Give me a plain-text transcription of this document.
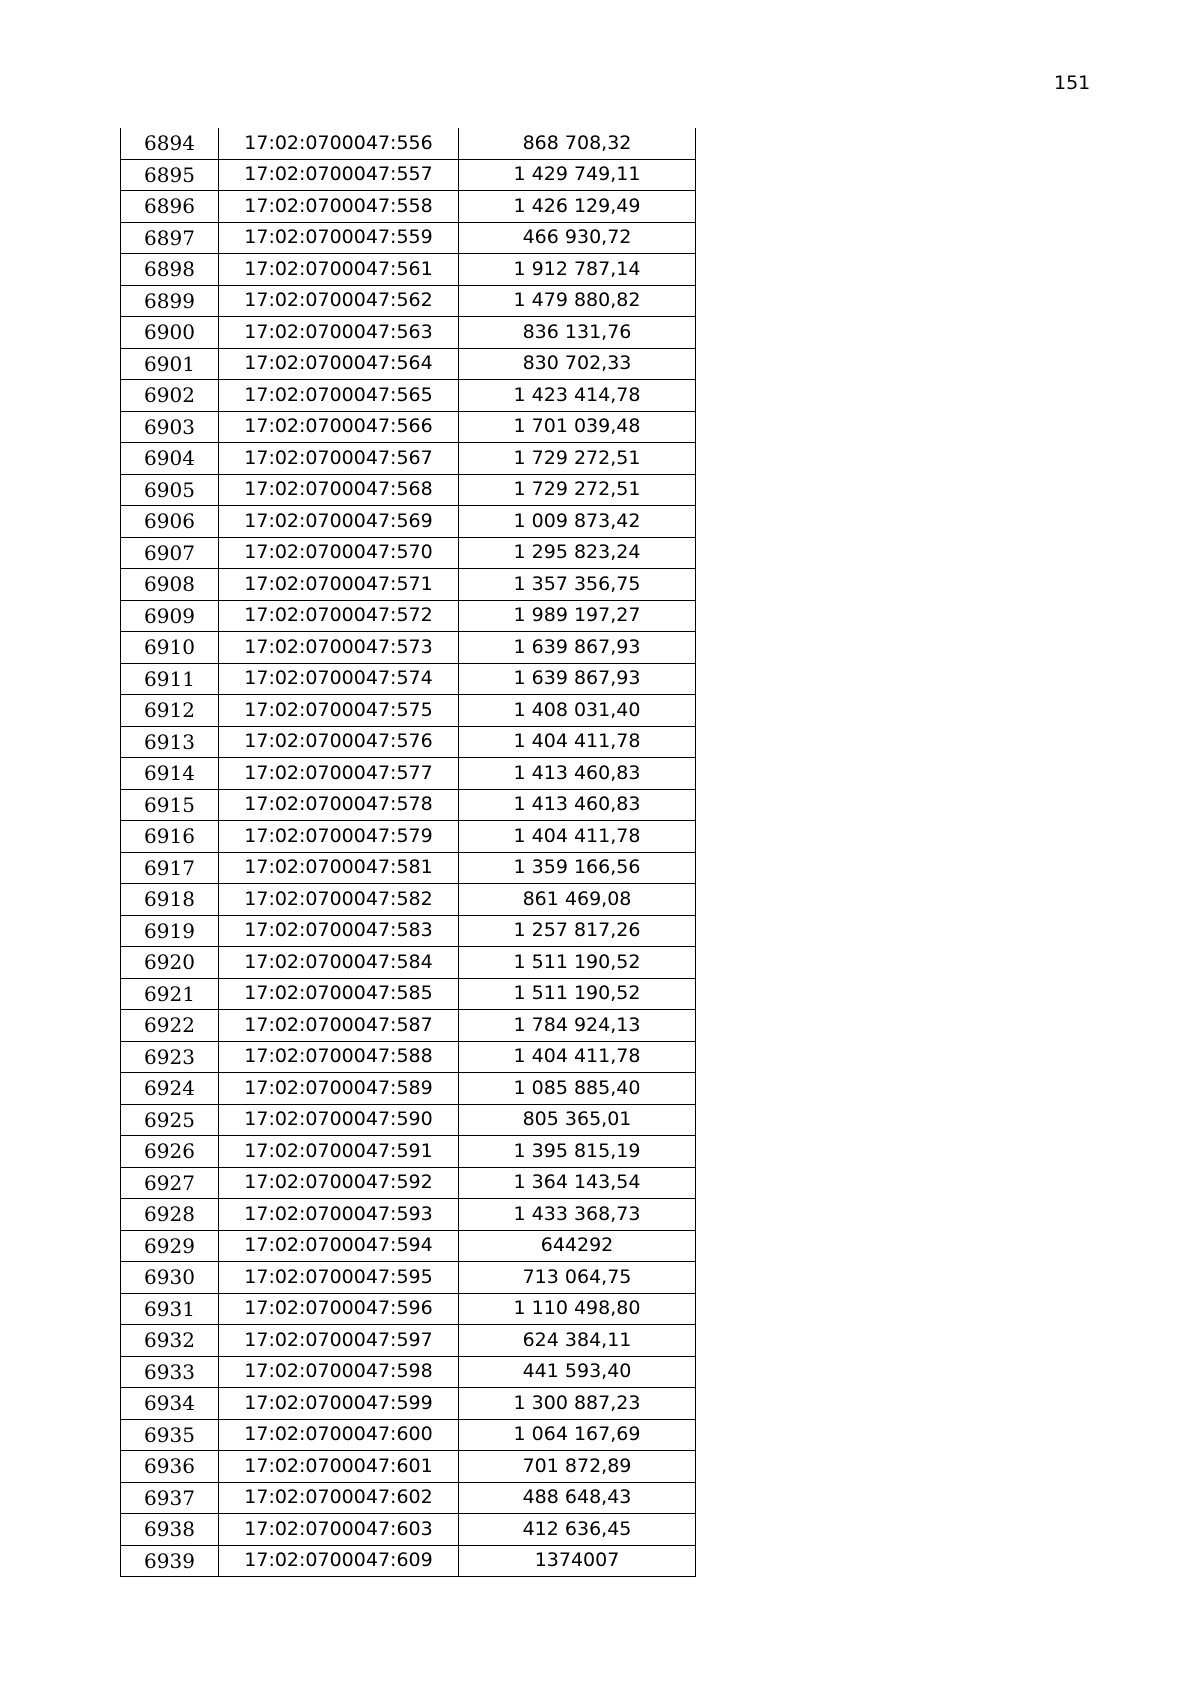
151
6894	17:02:0700047:556	868 708,32
6895	17:02:0700047:557	1 429 749,11
6896	17:02:0700047:558	1 426 129,49
6897	17:02:0700047:559	466 930,72
6898	17:02:0700047:561	1 912 787,14
6899	17:02:0700047:562	1 479 880,82
6900	17:02:0700047:563	836 131,76
6901	17:02:0700047:564	830 702,33
6902	17:02:0700047:565	1 423 414,78
6903	17:02:0700047:566	1 701 039,48
6904	17:02:0700047:567	1 729 272,51
6905	17:02:0700047:568	1 729 272,51
6906	17:02:0700047:569	1 009 873,42
6907	17:02:0700047:570	1 295 823,24
6908	17:02:0700047:571	1 357 356,75
6909	17:02:0700047:572	1 989 197,27
6910	17:02:0700047:573	1 639 867,93
6911	17:02:0700047:574	1 639 867,93
6912	17:02:0700047:575	1 408 031,40
6913	17:02:0700047:576	1 404 411,78
6914	17:02:0700047:577	1 413 460,83
6915	17:02:0700047:578	1 413 460,83
6916	17:02:0700047:579	1 404 411,78
6917	17:02:0700047:581	1 359 166,56
6918	17:02:0700047:582	861 469,08
6919	17:02:0700047:583	1 257 817,26
6920	17:02:0700047:584	1 511 190,52
6921	17:02:0700047:585	1 511 190,52
6922	17:02:0700047:587	1 784 924,13
6923	17:02:0700047:588	1 404 411,78
6924	17:02:0700047:589	1 085 885,40
6925	17:02:0700047:590	805 365,01
6926	17:02:0700047:591	1 395 815,19
6927	17:02:0700047:592	1 364 143,54
6928	17:02:0700047:593	1 433 368,73
6929	17:02:0700047:594	644292
6930	17:02:0700047:595	713 064,75
6931	17:02:0700047:596	1 110 498,80
6932	17:02:0700047:597	624 384,11
6933	17:02:0700047:598	441 593,40
6934	17:02:0700047:599	1 300 887,23
6935	17:02:0700047:600	1 064 167,69
6936	17:02:0700047:601	701 872,89
6937	17:02:0700047:602	488 648,43
6938	17:02:0700047:603	412 636,45
6939	17:02:0700047:609	1374007
